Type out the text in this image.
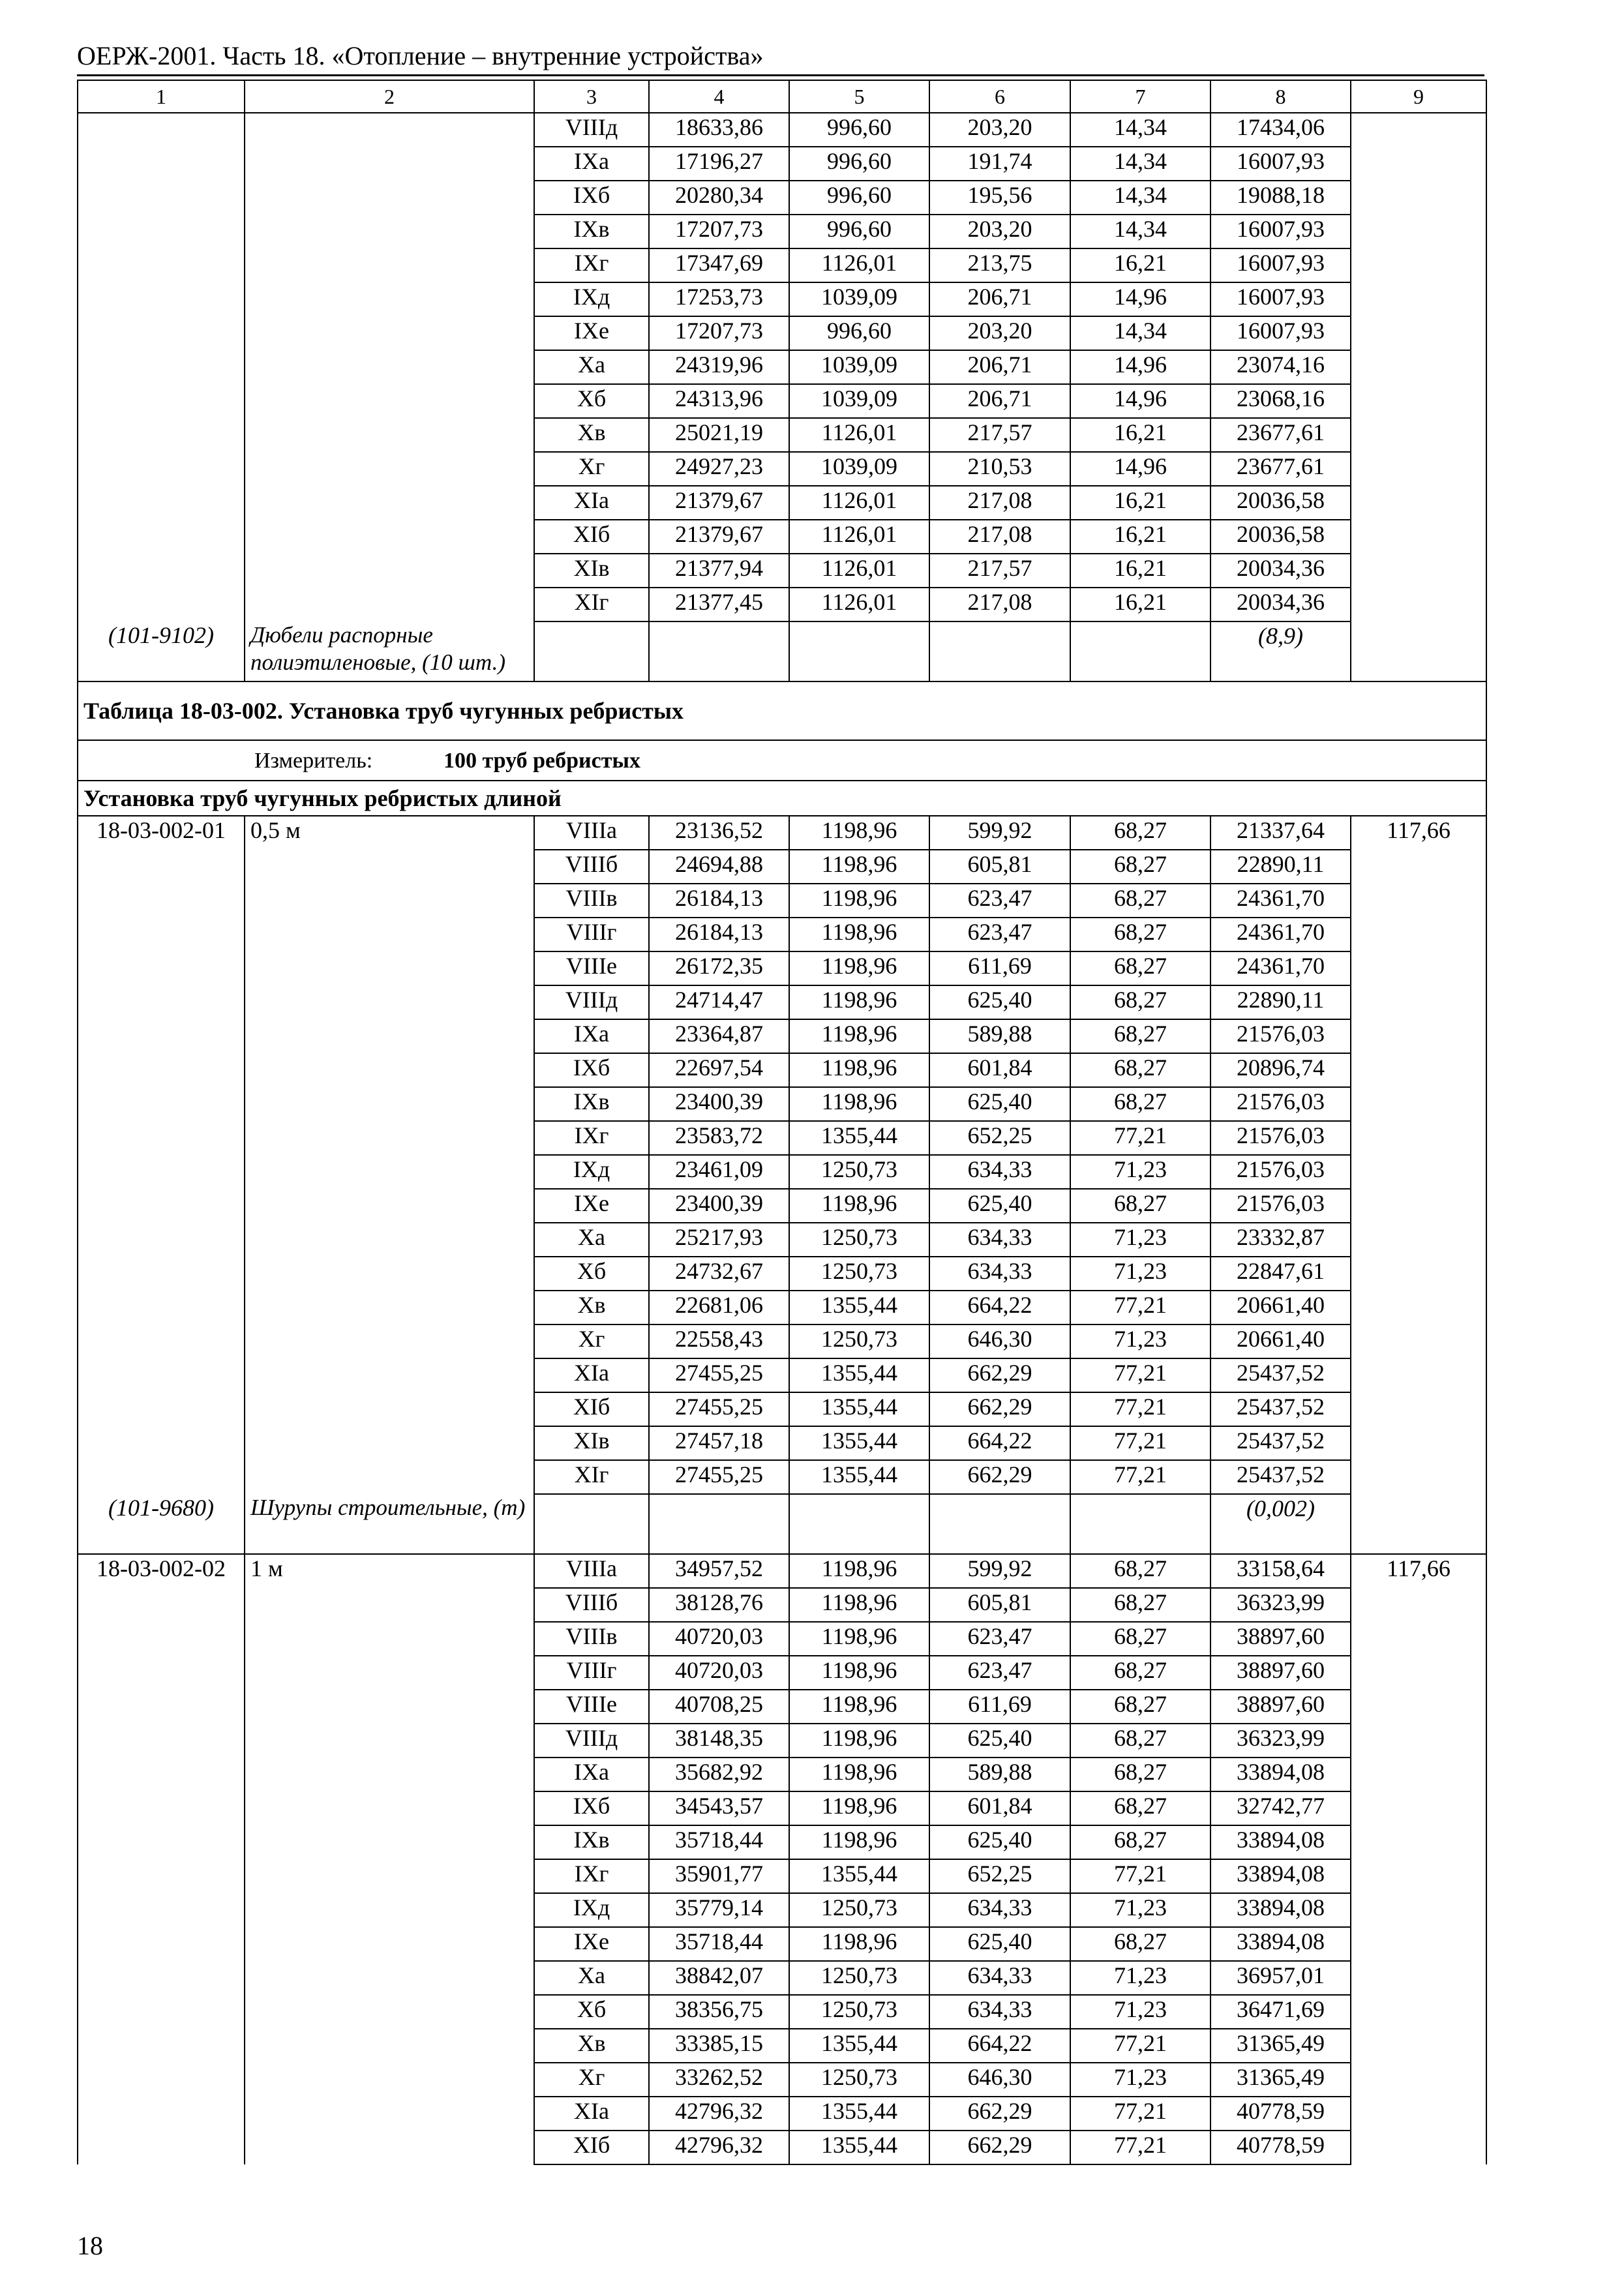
ОЕРЖ-2001. Часть 18. «Отопление – внутренние устройства»
1	2	3	4	5	6	7	8	9
		VIIIд	18633,86	996,60	203,20	14,34	17434,06	
		IXа	17196,27	996,60	191,74	14,34	16007,93	
		IXб	20280,34	996,60	195,56	14,34	19088,18	
		IXв	17207,73	996,60	203,20	14,34	16007,93	
		IXг	17347,69	1126,01	213,75	16,21	16007,93	
		IXд	17253,73	1039,09	206,71	14,96	16007,93	
		IXе	17207,73	996,60	203,20	14,34	16007,93	
		Xа	24319,96	1039,09	206,71	14,96	23074,16	
		Xб	24313,96	1039,09	206,71	14,96	23068,16	
		Xв	25021,19	1126,01	217,57	16,21	23677,61	
		Xг	24927,23	1039,09	210,53	14,96	23677,61	
		XIа	21379,67	1126,01	217,08	16,21	20036,58	
		XIб	21379,67	1126,01	217,08	16,21	20036,58	
		XIв	21377,94	1126,01	217,57	16,21	20034,36	
		XIг	21377,45	1126,01	217,08	16,21	20034,36	
(101-9102)	Дюбели распорные полиэтиленовые, (10 шт.)						(8,9)	
Таблица 18-03-002. Установка труб чугунных ребристых								
Измеритель: 100 труб ребристых								
Установка труб чугунных ребристых длиной								
18-03-002-01	0,5 м	VIIIа	23136,52	1198,96	599,92	68,27	21337,64	117,66
		VIIIб	24694,88	1198,96	605,81	68,27	22890,11	
		VIIIв	26184,13	1198,96	623,47	68,27	24361,70	
		VIIIг	26184,13	1198,96	623,47	68,27	24361,70	
		VIIIе	26172,35	1198,96	611,69	68,27	24361,70	
		VIIIд	24714,47	1198,96	625,40	68,27	22890,11	
		IXа	23364,87	1198,96	589,88	68,27	21576,03	
		IXб	22697,54	1198,96	601,84	68,27	20896,74	
		IXв	23400,39	1198,96	625,40	68,27	21576,03	
		IXг	23583,72	1355,44	652,25	77,21	21576,03	
		IXд	23461,09	1250,73	634,33	71,23	21576,03	
		IXе	23400,39	1198,96	625,40	68,27	21576,03	
		Xа	25217,93	1250,73	634,33	71,23	23332,87	
		Xб	24732,67	1250,73	634,33	71,23	22847,61	
		Xв	22681,06	1355,44	664,22	77,21	20661,40	
		Xг	22558,43	1250,73	646,30	71,23	20661,40	
		XIа	27455,25	1355,44	662,29	77,21	25437,52	
		XIб	27455,25	1355,44	662,29	77,21	25437,52	
		XIв	27457,18	1355,44	664,22	77,21	25437,52	
		XIг	27455,25	1355,44	662,29	77,21	25437,52	
(101-9680)	Шурупы строительные, (т)						(0,002)	
18-03-002-02	1 м	VIIIа	34957,52	1198,96	599,92	68,27	33158,64	117,66
		VIIIб	38128,76	1198,96	605,81	68,27	36323,99	
		VIIIв	40720,03	1198,96	623,47	68,27	38897,60	
		VIIIг	40720,03	1198,96	623,47	68,27	38897,60	
		VIIIе	40708,25	1198,96	611,69	68,27	38897,60	
		VIIIд	38148,35	1198,96	625,40	68,27	36323,99	
		IXа	35682,92	1198,96	589,88	68,27	33894,08	
		IXб	34543,57	1198,96	601,84	68,27	32742,77	
		IXв	35718,44	1198,96	625,40	68,27	33894,08	
		IXг	35901,77	1355,44	652,25	77,21	33894,08	
		IXд	35779,14	1250,73	634,33	71,23	33894,08	
		IXе	35718,44	1198,96	625,40	68,27	33894,08	
		Xа	38842,07	1250,73	634,33	71,23	36957,01	
		Xб	38356,75	1250,73	634,33	71,23	36471,69	
		Xв	33385,15	1355,44	664,22	77,21	31365,49	
		Xг	33262,52	1250,73	646,30	71,23	31365,49	
		XIа	42796,32	1355,44	662,29	77,21	40778,59	
		XIб	42796,32	1355,44	662,29	77,21	40778,59	
18
